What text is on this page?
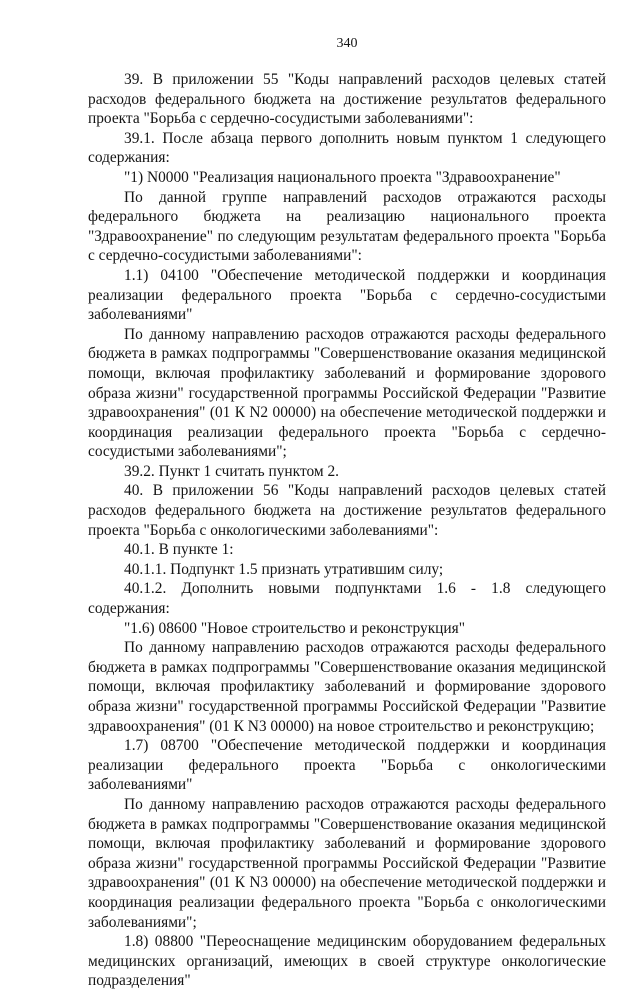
340

39. В приложении 55 "Коды направлений расходов целевых статей расходов федерального бюджета на достижение результатов федерального проекта "Борьба с сердечно-сосудистыми заболеваниями":

39.1. После абзаца первого дополнить новым пунктом 1 следующего содержания:

"1) N0000 "Реализация национального проекта "Здравоохранение"

По данной группе направлений расходов отражаются расходы федерального бюджета на реализацию национального проекта "Здравоохранение" по следующим результатам федерального проекта "Борьба с сердечно-сосудистыми заболеваниями":

1.1) 04100 "Обеспечение методической поддержки и координация реализации федерального проекта "Борьба с сердечно-сосудистыми заболеваниями"

По данному направлению расходов отражаются расходы федерального бюджета в рамках подпрограммы "Совершенствование оказания медицинской помощи, включая профилактику заболеваний и формирование здорового образа жизни" государственной программы Российской Федерации "Развитие здравоохранения" (01 К N2 00000) на обеспечение методической поддержки и координация реализации федерального проекта "Борьба с сердечно-сосудистыми заболеваниями";

39.2. Пункт 1 считать пунктом 2.

40. В приложении 56 "Коды направлений расходов целевых статей расходов федерального бюджета на достижение результатов федерального проекта "Борьба с онкологическими заболеваниями":

40.1. В пункте 1:

40.1.1. Подпункт 1.5 признать утратившим силу;

40.1.2. Дополнить новыми подпунктами 1.6 - 1.8 следующего содержания:

"1.6) 08600 "Новое строительство и реконструкция"

По данному направлению расходов отражаются расходы федерального бюджета в рамках подпрограммы "Совершенствование оказания медицинской помощи, включая профилактику заболеваний и формирование здорового образа жизни" государственной программы Российской Федерации "Развитие здравоохранения" (01 К N3 00000) на новое строительство и реконструкцию;

1.7) 08700 "Обеспечение методической поддержки и координация реализации федерального проекта "Борьба с онкологическими заболеваниями"

По данному направлению расходов отражаются расходы федерального бюджета в рамках подпрограммы "Совершенствование оказания медицинской помощи, включая профилактику заболеваний и формирование здорового образа жизни" государственной программы Российской Федерации "Развитие здравоохранения" (01 К N3 00000) на обеспечение методической поддержки и координация реализации федерального проекта "Борьба с онкологическими заболеваниями";

1.8) 08800 "Переоснащение медицинским оборудованием федеральных медицинских организаций, имеющих в своей структуре онкологические подразделения"
